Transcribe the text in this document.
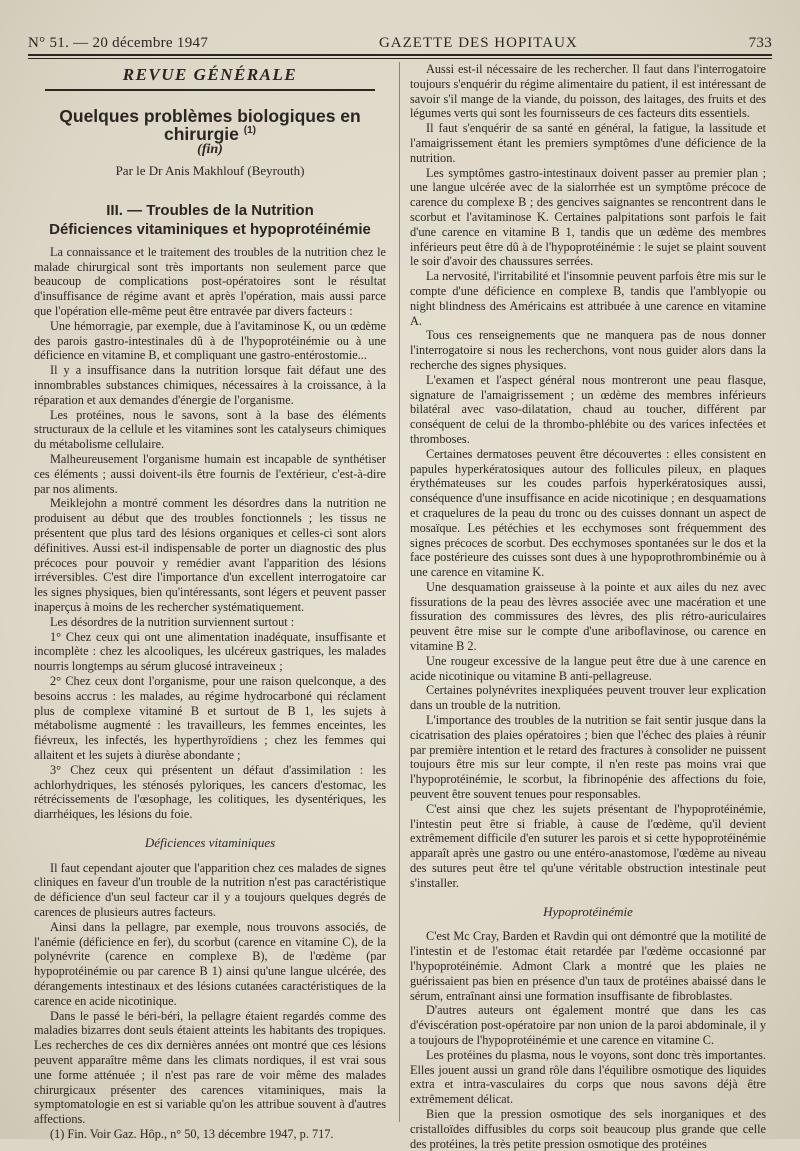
N° 51. — 20 décembre 1947	GAZETTE DES HOPITAUX	733
REVUE GÉNÉRALE
Quelques problèmes biologiques en chirurgie $^{(1)}$
(fin)
Par le Dr Anis Makhlouf (Beyrouth)
III. — Troubles de la Nutrition
Déficiences vitaminiques et hypoprotéinémie

La connaissance et le traitement des troubles de la nutrition chez le malade chirurgical sont très importants non seulement parce que beaucoup de complications post-opératoires sont le résultat d'insuffisance de régime avant et après l'opération, mais aussi parce que l'opération elle-même peut être entravée par divers facteurs :

Une hémorragie, par exemple, due à l'avitaminose K, ou un œdème des parois gastro-intestinales dû à de l'hypoprotéinémie ou à une déficience en vitamine B, et compliquant une gastro-entérostomie...

Il y a insuffisance dans la nutrition lorsque fait défaut une des innombrables substances chimiques, nécessaires à la croissance, à la réparation et aux demandes d'énergie de l'organisme.

Les protéines, nous le savons, sont à la base des éléments structuraux de la cellule et les vitamines sont les catalyseurs chimiques du métabolisme cellulaire.

Malheureusement l'organisme humain est incapable de synthétiser ces éléments ; aussi doivent-ils être fournis de l'extérieur, c'est-à-dire par nos aliments.

Meiklejohn a montré comment les désordres dans la nutrition ne produisent au début que des troubles fonctionnels ; les tissus ne présentent que plus tard des lésions organiques et celles-ci sont alors définitives. Aussi est-il indispensable de porter un diagnostic des plus précoces pour pouvoir y remédier avant l'apparition des lésions irréversibles. C'est dire l'importance d'un excellent interrogatoire car les signes physiques, bien qu'intéressants, sont légers et peuvent passer inaperçus à moins de les rechercher systématiquement.

Les désordres de la nutrition surviennent surtout :

1° Chez ceux qui ont une alimentation inadéquate, insuffisante et incomplète : chez les alcooliques, les ulcéreux gastriques, les malades nourris longtemps au sérum glucosé intraveineux ;

2° Chez ceux dont l'organisme, pour une raison quelconque, a des besoins accrus : les malades, au régime hydrocarboné qui réclament plus de complexe vitaminé B et surtout de B 1, les sujets à métabolisme augmenté : les travailleurs, les femmes enceintes, les fiévreux, les infectés, les hyperthyroïdiens ; chez les femmes qui allaitent et les sujets à diurèse abondante ;

3° Chez ceux qui présentent un défaut d'assimilation : les achlorhydriques, les sténosés pyloriques, les cancers d'estomac, les rétrécissements de l'œsophage, les colitiques, les dysentériques, les diarrhéiques, les lésions du foie.

Déficiences vitaminiques

Il faut cependant ajouter que l'apparition chez ces malades de signes cliniques en faveur d'un trouble de la nutrition n'est pas caractéristique de déficience d'un seul facteur car il y a toujours quelques degrés de carences de plusieurs autres facteurs.

Ainsi dans la pellagre, par exemple, nous trouvons associés, de l'anémie (déficience en fer), du scorbut (carence en vitamine C), de la polynévrite (carence en complexe B), de l'œdème (par hypoprotéinémie ou par carence B 1) ainsi qu'une langue ulcérée, des dérangements intestinaux et des lésions cutanées caractéristiques de la carence en acide nicotinique.

Dans le passé le béri-béri, la pellagre étaient regardés comme des maladies bizarres dont seuls étaient atteints les habitants des tropiques. Les recherches de ces dix dernières années ont montré que ces lésions peuvent apparaître même dans les climats nordiques, il est vrai sous une forme atténuée ; il n'est pas rare de voir même des malades chirurgicaux présenter des carences vitaminiques, mais la symptomatologie en est si variable qu'on les attribue souvent à d'autres affections.

(1) Fin. Voir Gaz. Hôp., n° 50, 13 décembre 1947, p. 717.

Aussi est-il nécessaire de les rechercher. Il faut dans l'interrogatoire toujours s'enquérir du régime alimentaire du patient, il est intéressant de savoir s'il mange de la viande, du poisson, des laitages, des fruits et des légumes verts qui sont les fournisseurs de ces facteurs dits essentiels.

Il faut s'enquérir de sa santé en général, la fatigue, la lassitude et l'amaigrissement étant les premiers symptômes d'une déficience de la nutrition.

Les symptômes gastro-intestinaux doivent passer au premier plan ; une langue ulcérée avec de la sialorrhée est un symptôme précoce de carence du complexe B ; des gencives saignantes se rencontrent dans le scorbut et l'avitaminose K. Certaines palpitations sont parfois le fait d'une carence en vitamine B 1, tandis que un œdème des membres inférieurs peut être dû à de l'hypoprotéinémie : le sujet se plaint souvent le soir d'avoir des chaussures serrées.

La nervosité, l'irritabilité et l'insomnie peuvent parfois être mis sur le compte d'une déficience en complexe B, tandis que l'amblyopie ou night blindness des Américains est attribuée à une carence en vitamine A.

Tous ces renseignements que ne manquera pas de nous donner l'interrogatoire si nous les recherchons, vont nous guider alors dans la recherche des signes physiques.

L'examen et l'aspect général nous montreront une peau flasque, signature de l'amaigrissement ; un œdème des membres inférieurs bilatéral avec vaso-dilatation, chaud au toucher, différent par conséquent de celui de la thrombo-phlébite ou des varices infectées et thromboses.

Certaines dermatoses peuvent être découvertes : elles consistent en papules hyperkératosiques autour des follicules pileux, en plaques érythémateuses sur les coudes parfois hyperkératosiques aussi, conséquence d'une insuffisance en acide nicotinique ; en desquamations et craquelures de la peau du tronc ou des cuisses donnant un aspect de mosaïque. Les pétéchies et les ecchymoses sont fréquemment des signes précoces de scorbut. Des ecchymoses spontanées sur le dos et la face postérieure des cuisses sont dues à une hypoprothrombinémie ou à une carence en vitamine K.

Une desquamation graisseuse à la pointe et aux ailes du nez avec fissurations de la peau des lèvres associée avec une macération et une fissuration des commissures des lèvres, des plis rétro-auriculaires peuvent être mise sur le compte d'une ariboflavinose, ou carence en vitamine B 2.

Une rougeur excessive de la langue peut être due à une carence en acide nicotinique ou vitamine B anti-pellagreuse.

Certaines polynévrites inexpliquées peuvent trouver leur explication dans un trouble de la nutrition.

L'importance des troubles de la nutrition se fait sentir jusque dans la cicatrisation des plaies opératoires ; bien que l'échec des plaies à réunir par première intention et le retard des fractures à consolider ne puissent toujours être mis sur leur compte, il n'en reste pas moins vrai que l'hypoprotéinémie, le scorbut, la fibrinopénie des affections du foie, peuvent être souvent tenues pour responsables.

C'est ainsi que chez les sujets présentant de l'hypoprotéinémie, l'intestin peut être si friable, à cause de l'œdème, qu'il devient extrêmement difficile d'en suturer les parois et si cette hypoprotéinémie apparaît après une gastro ou une entéro-anastomose, l'œdème au niveau des sutures peut être tel qu'une véritable obstruction intestinale peut s'installer.

Hypoprotéinémie

C'est Mc Cray, Barden et Ravdin qui ont démontré que la motilité de l'intestin et de l'estomac était retardée par l'œdème occasionné par l'hypoprotéinémie. Admont Clark a montré que les plaies ne guérissaient pas bien en présence d'un taux de protéines abaissé dans le sérum, entraînant ainsi une formation insuffisante de fibroblastes.

D'autres auteurs ont également montré que dans les cas d'éviscération post-opératoire par non union de la paroi abdominale, il y a toujours de l'hypoprotéinémie et une carence en vitamine C.

Les protéines du plasma, nous le voyons, sont donc très importantes. Elles jouent aussi un grand rôle dans l'équilibre osmotique des liquides extra et intra-vasculaires du corps que nous savons déjà être extrêmement délicat.

Bien que la pression osmotique des sels inorganiques et des cristalloïdes diffusibles du corps soit beaucoup plus grande que celle des protéines, la très petite pression osmotique des protéines
